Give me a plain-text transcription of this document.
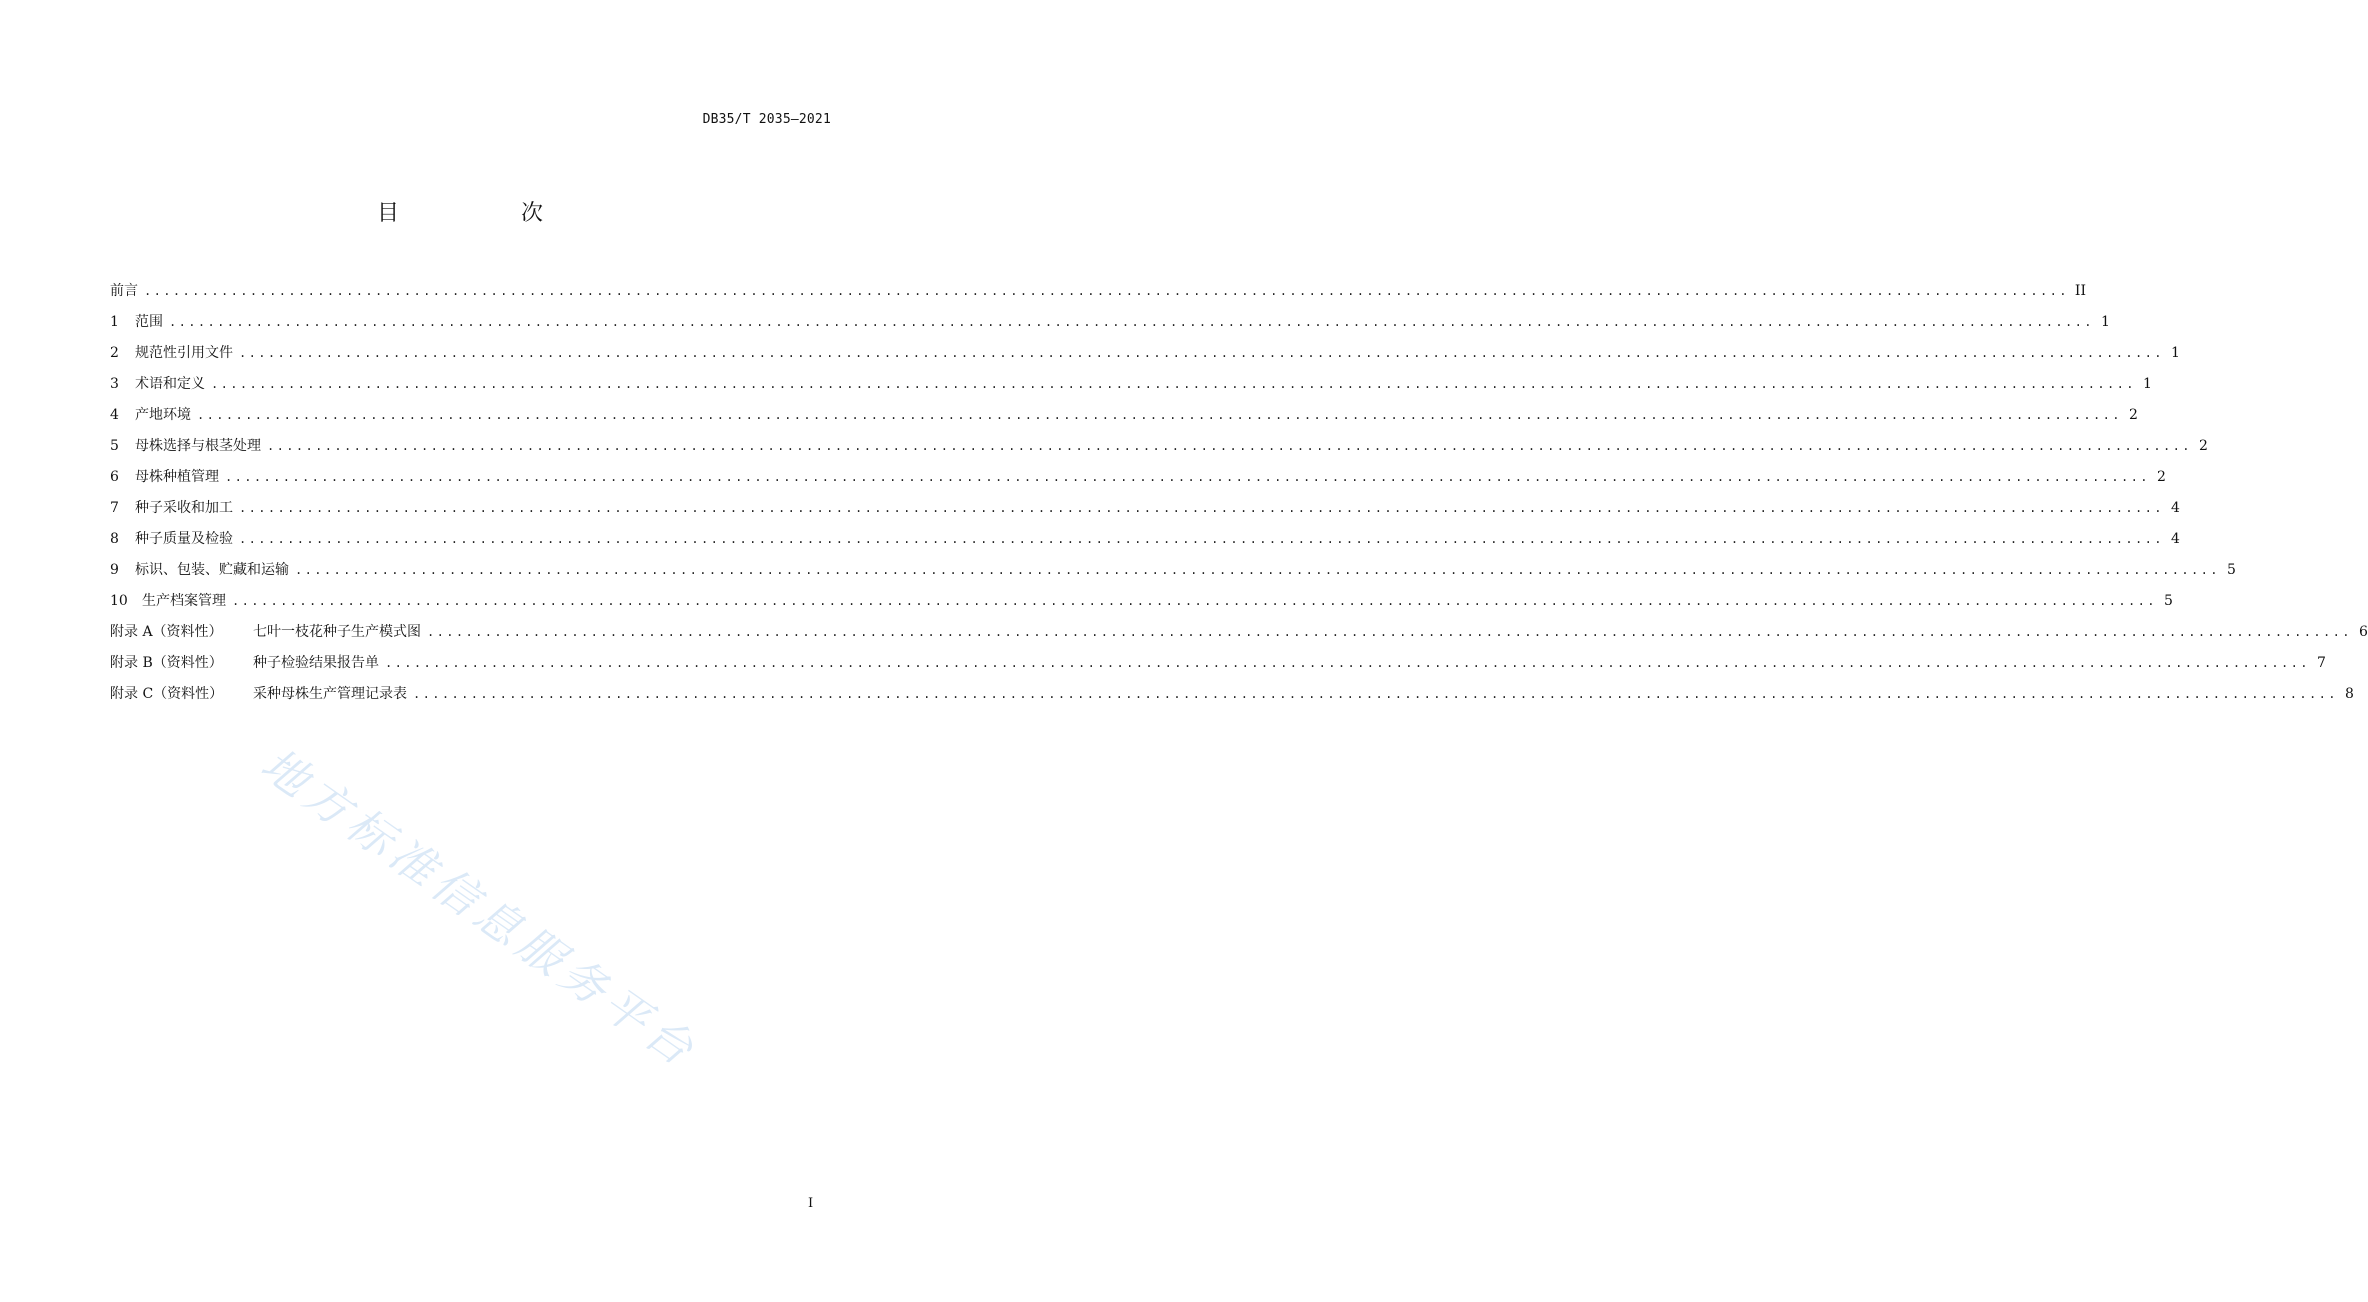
DB35/T 2035—2021
目　次
前言 ........................................................................................................................................................................................................ II
1	范围 ........................................................................................................................................................................................................ 1
2	规范性引用文件 ........................................................................................................................................................................................................ 1
3	术语和定义 ........................................................................................................................................................................................................ 1
4	产地环境 ........................................................................................................................................................................................................ 2
5	母株选择与根茎处理 ........................................................................................................................................................................................................ 2
6	母株种植管理 ........................................................................................................................................................................................................ 2
7	种子采收和加工 ........................................................................................................................................................................................................ 4
8	种子质量及检验 ........................................................................................................................................................................................................ 4
9	标识、包装、贮藏和运输 ........................................................................................................................................................................................................ 5
10	生产档案管理 ........................................................................................................................................................................................................ 5
附录 A（资料性）	七叶一枝花种子生产模式图 ........................................................................................................................................................................................................ 6
附录 B（资料性）	种子检验结果报告单 ........................................................................................................................................................................................................ 7
附录 C（资料性）	采种母株生产管理记录表 ........................................................................................................................................................................................................ 8
地方标准信息服务平台
I
